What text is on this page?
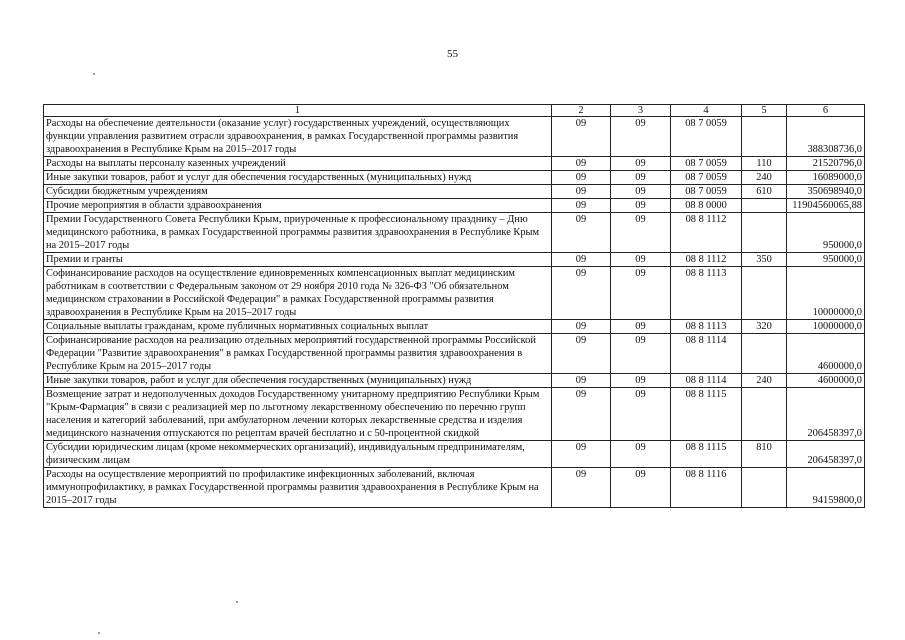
55
1	2	3	4	5	6
Расходы на обеспечение деятельности (оказание услуг) государственных учреждений, осуществляющих функции управления развитием отрасли здравоохранения, в рамках Государственной программы развития здравоохранения в Республике Крым на 2015–2017 годы	09	09	08 7 0059		388308736,0
Расходы на выплаты персоналу казенных учреждений	09	09	08 7 0059	110	21520796,0
Иные закупки товаров, работ и услуг для обеспечения государственных (муниципальных) нужд	09	09	08 7 0059	240	16089000,0
Субсидии бюджетным учреждениям	09	09	08 7 0059	610	350698940,0
Прочие мероприятия в области здравоохранения	09	09	08 8 0000		11904560065,88
Премии Государственного Совета Республики Крым, приуроченные к профессиональному празднику – Дню медицинского работника, в рамках Государственной программы развития здравоохранения в Республике Крым на 2015–2017 годы	09	09	08 8 1112		950000,0
Премии и гранты	09	09	08 8 1112	350	950000,0
Софинансирование расходов на осуществление единовременных компенсационных выплат медицинским работникам в соответствии с Федеральным законом от 29 ноября 2010 года № 326-ФЗ "Об обязательном медицинском страховании в Российской Федерации" в рамках Государственной программы развития здравоохранения в Республике Крым на 2015–2017 годы	09	09	08 8 1113		10000000,0
Социальные выплаты гражданам, кроме публичных нормативных социальных выплат	09	09	08 8 1113	320	10000000,0
Софинансирование расходов на реализацию отдельных мероприятий государственной программы Российской Федерации "Развитие здравоохранения" в рамках Государственной программы развития здравоохранения в Республике Крым на 2015–2017 годы	09	09	08 8 1114		4600000,0
Иные закупки товаров, работ и услуг для обеспечения государственных (муниципальных) нужд	09	09	08 8 1114	240	4600000,0
Возмещение затрат и недополученных доходов Государственному унитарному предприятию Республики Крым "Крым-Фармация" в связи с реализацией мер по льготному лекарственному обеспечению по перечню групп населения и категорий заболеваний, при амбулаторном лечении которых лекарственные средства и изделия медицинского назначения отпускаются по рецептам врачей бесплатно и с 50-процентной скидкой	09	09	08 8 1115		206458397,0
Субсидии юридическим лицам (кроме некоммерческих организаций), индивидуальным предпринимателям, физическим лицам	09	09	08 8 1115	810	206458397,0
Расходы на осуществление мероприятий по профилактике инфекционных заболеваний, включая иммунопрофилактику, в рамках Государственной программы развития здравоохранения в Республике Крым на 2015–2017 годы	09	09	08 8 1116		94159800,0
